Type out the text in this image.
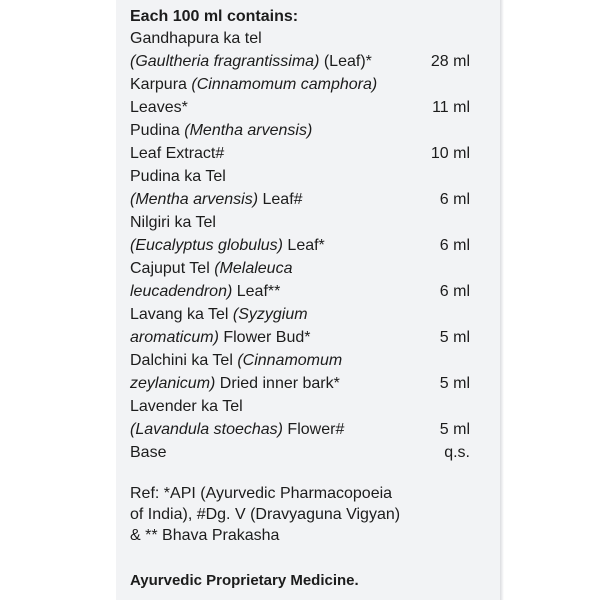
Each 100 ml contains:
Gandhapura ka tel
(Gaultheria fragrantissima) (Leaf)*	28 ml
Karpura (Cinnamomum camphora)
Leaves*	11 ml
Pudina (Mentha arvensis)
Leaf Extract#	10 ml
Pudina ka Tel
(Mentha arvensis) Leaf#	6 ml
Nilgiri ka Tel
(Eucalyptus globulus) Leaf*	6 ml
Cajuput Tel (Melaleuca
leucadendron) Leaf**	6 ml
Lavang ka Tel (Syzygium
aromaticum) Flower Bud*	5 ml
Dalchini ka Tel (Cinnamomum
zeylanicum) Dried inner bark*	5 ml
Lavender ka Tel
(Lavandula stoechas) Flower#	5 ml
Base	q.s.
Ref: *API (Ayurvedic Pharmacopoeia
of India), #Dg. V (Dravyaguna Vigyan)
& ** Bhava Prakasha
Ayurvedic Proprietary Medicine.
